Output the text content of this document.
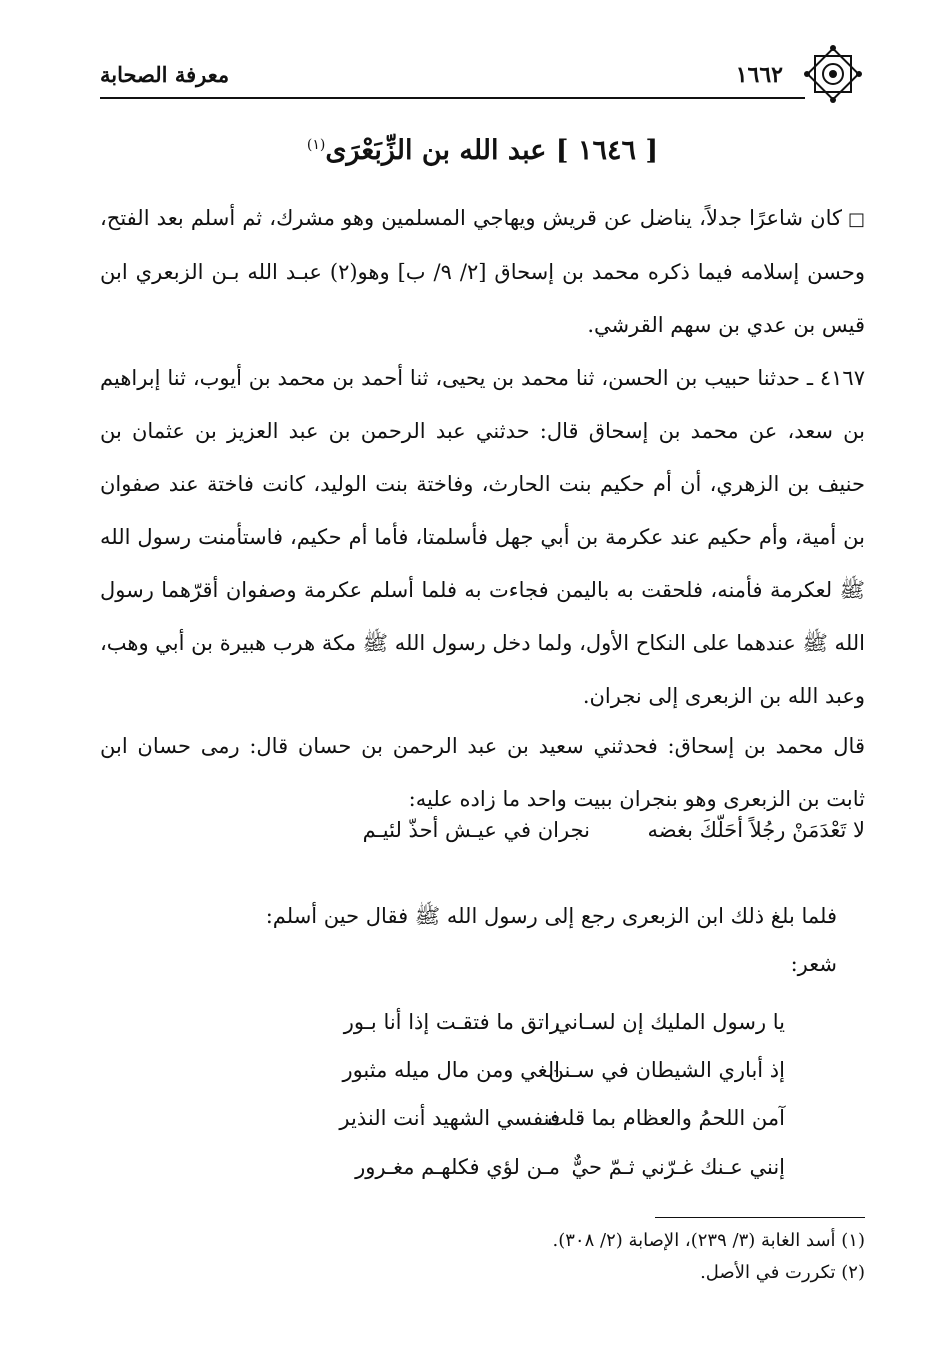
١٦٦٢
معرفة الصحابة
[ ١٦٤٦ ] عبد الله بن الزِّبَعْرَى$^{(١)}$
□كان شاعرًا جدلاً، يناضل عن قريش ويهاجي المسلمين وهو مشرك، ثم أسلم بعد الفتح، وحسن إسلامه فيما ذكره محمد بن إسحاق [٢/ ٩/ ب] وهو(٢) عبـد الله بـن الزبعري ابن قيس بن عدي بن سهم القرشي.
٤١٦٧ ـ حدثنا حبيب بن الحسن، ثنا محمد بن يحيى، ثنا أحمد بن محمد بن أيوب، ثنا إبراهيم بن سعد، عن محمد بن إسحاق قال: حدثني عبد الرحمن بن عبد العزيز بن عثمان بن حنيف بن الزهري، أن أم حكيم بنت الحارث، وفاختة بنت الوليد، كانت فاختة عند صفوان بن أمية، وأم حكيم عند عكرمة بن أبي جهل فأسلمتا، فأما أم حكيم، فاستأمنت رسول الله ﷺ لعكرمة فأمنه، فلحقت به باليمن فجاءت به فلما أسلم عكرمة وصفوان أقرّهما رسول الله ﷺ عندهما على النكاح الأول، ولما دخل رسول الله ﷺ مكة هرب هبيرة بن أبي وهب، وعبد الله بن الزبعرى إلى نجران.
قال محمد بن إسحاق: فحدثني سعيد بن عبد الرحمن بن حسان قال: رمى حسان ابن ثابت بن الزبعرى وهو بنجران ببيت واحد ما زاده عليه:
لا تَعْدَمَنْ رجُلاً أحَلّكَ بغضه
نجران في عيـش أحذّ لئيـم
فلما بلغ ذلك ابن الزبعرى رجع إلى رسول الله ﷺ فقال حين أسلم:
شعر:
يا رسول المليك إن لسـاني
راتق ما فتقـت إذا أنا بـور
إذ أباري الشيطان في سـنن
الغي ومن مال ميله مثبور
آمن اللحمُ والعظام بما قلت
فنفسي الشهيد أنت النذير
إنني عـنك غـرّني ثـمّ حيٌّ
مـن لؤي فكلهـم مغـرور
(١) أسد الغابة (٣/ ٢٣٩)، الإصابة (٢/ ٣٠٨).
(٢) تكررت في الأصل.
